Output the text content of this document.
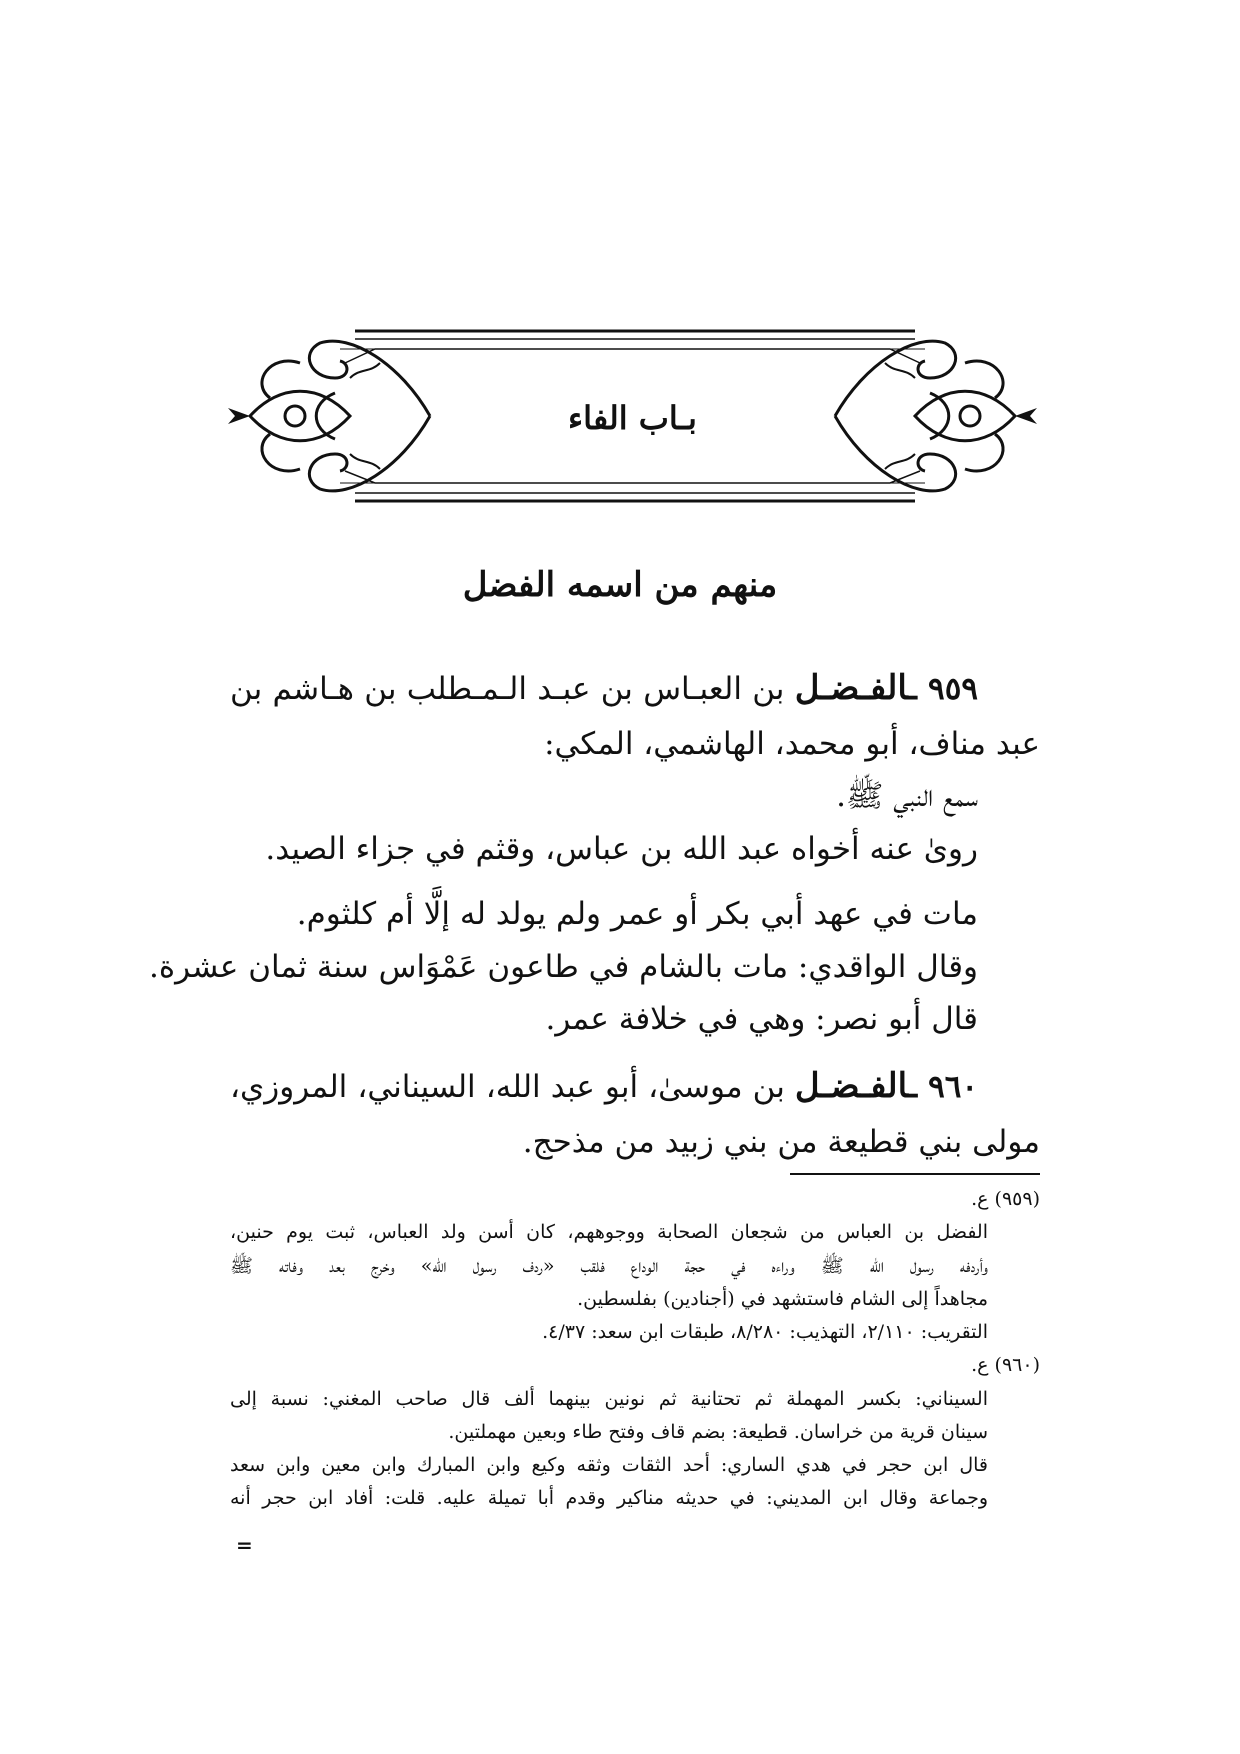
بـاب الفاء
منهم من اسمه الفضل
٩٥٩ ـالفـضـل بن العبـاس بن عبـد الـمـطلب بن هـاشم بن
عبد مناف، أبو محمد، الهاشمي، المكي:
سمع النبي ﷺ.
روىٰ عنه أخواه عبد الله بن عباس، وقثم في جزاء الصيد.
مات في عهد أبي بكر أو عمر ولم يولد له إلَّا أم كلثوم.
وقال الواقدي: مات بالشام في طاعون عَمْوَاس سنة ثمان عشرة.
قال أبو نصر: وهي في خلافة عمر.
٩٦٠ ـالفـضـل بن موسىٰ، أبو عبد الله، السيناني، المروزي،
مولى بني قطيعة من بني زبيد من مذحج.
(٩٥٩) ع.
الفضل بن العباس من شجعان الصحابة ووجوههم، كان أسن ولد العباس، ثبت يوم حنين،
وأردفه رسول الله ﷺ وراءه في حجة الوداع فلقب «ردف رسول الله» وخرج بعد وفاته ﷺ
مجاهداً إلى الشام فاستشهد في (أجنادين) بفلسطين.
التقريب: ٢/١١٠، التهذيب: ٨/٢٨٠، طبقات ابن سعد: ٤/٣٧.
(٩٦٠) ع.
السيناني: بكسر المهملة ثم تحتانية ثم نونين بينهما ألف قال صاحب المغني: نسبة إلى
سينان قرية من خراسان. قطيعة: بضم قاف وفتح طاء وبعين مهملتين.
قال ابن حجر في هدي الساري: أحد الثقات وثقه وكيع وابن المبارك وابن معين وابن سعد
وجماعة وقال ابن المديني: في حديثه مناكير وقدم أبا تميلة عليه. قلت: أفاد ابن حجر أنه
=
